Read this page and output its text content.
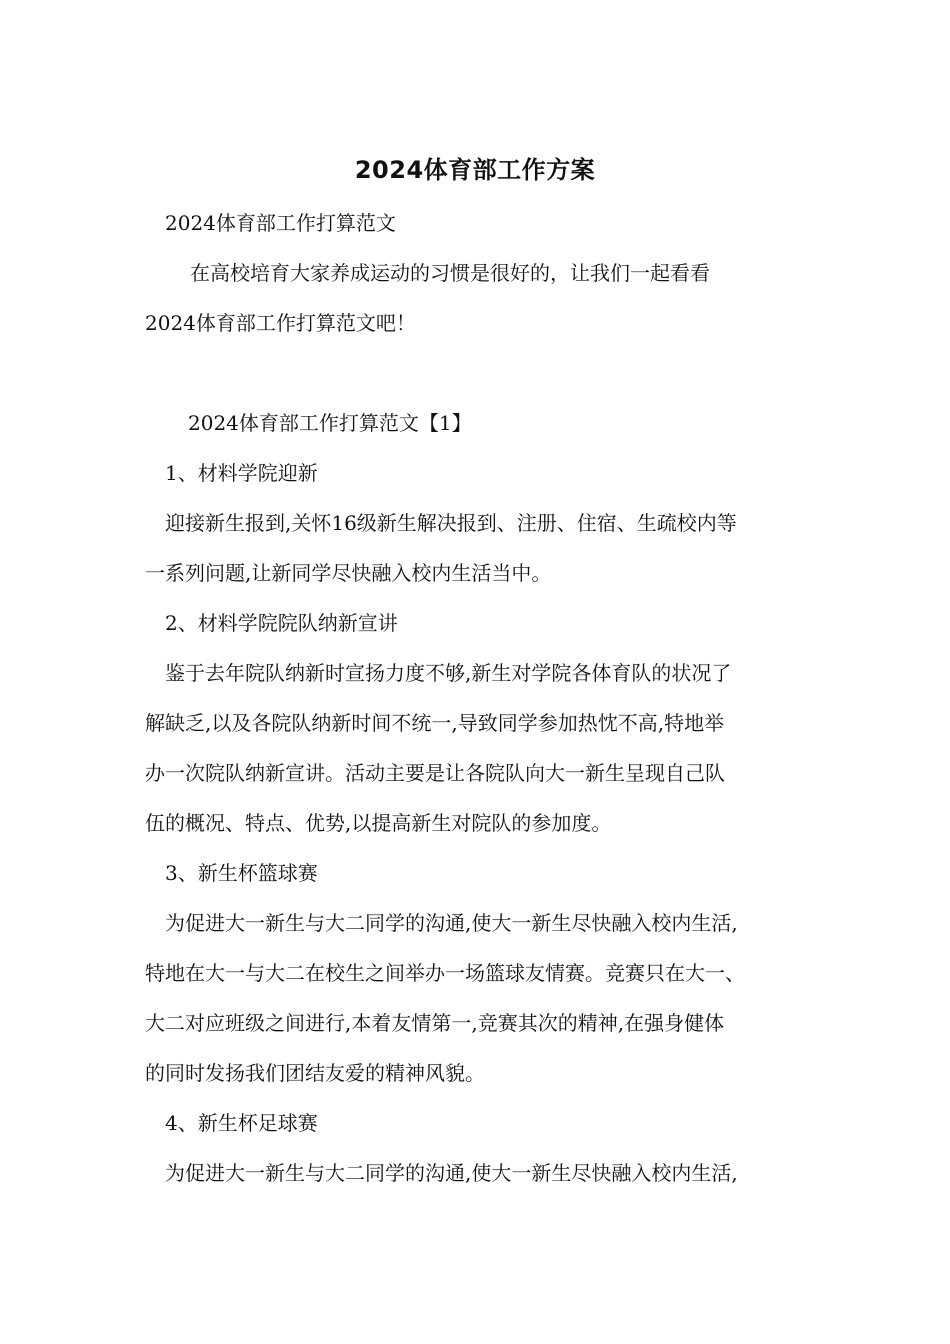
2024体育部工作方案
2024体育部工作打算范文
在高校培育大家养成运动的习惯是很好的，让我们一起看看
2024体育部工作打算范文吧！
2024体育部工作打算范文【1】
1、材料学院迎新
迎接新生报到,关怀16级新生解决报到、注册、住宿、生疏校内等
一系列问题,让新同学尽快融入校内生活当中。
2、材料学院院队纳新宣讲
鉴于去年院队纳新时宣扬力度不够,新生对学院各体育队的状况了
解缺乏,以及各院队纳新时间不统一,导致同学参加热忱不高,特地举
办一次院队纳新宣讲。活动主要是让各院队向大一新生呈现自己队
伍的概况、特点、优势,以提高新生对院队的参加度。
3、新生杯篮球赛
为促进大一新生与大二同学的沟通,使大一新生尽快融入校内生活,
特地在大一与大二在校生之间举办一场篮球友情赛。竞赛只在大一、
大二对应班级之间进行,本着友情第一,竞赛其次的精神,在强身健体
的同时发扬我们团结友爱的精神风貌。
4、新生杯足球赛
为促进大一新生与大二同学的沟通,使大一新生尽快融入校内生活,
